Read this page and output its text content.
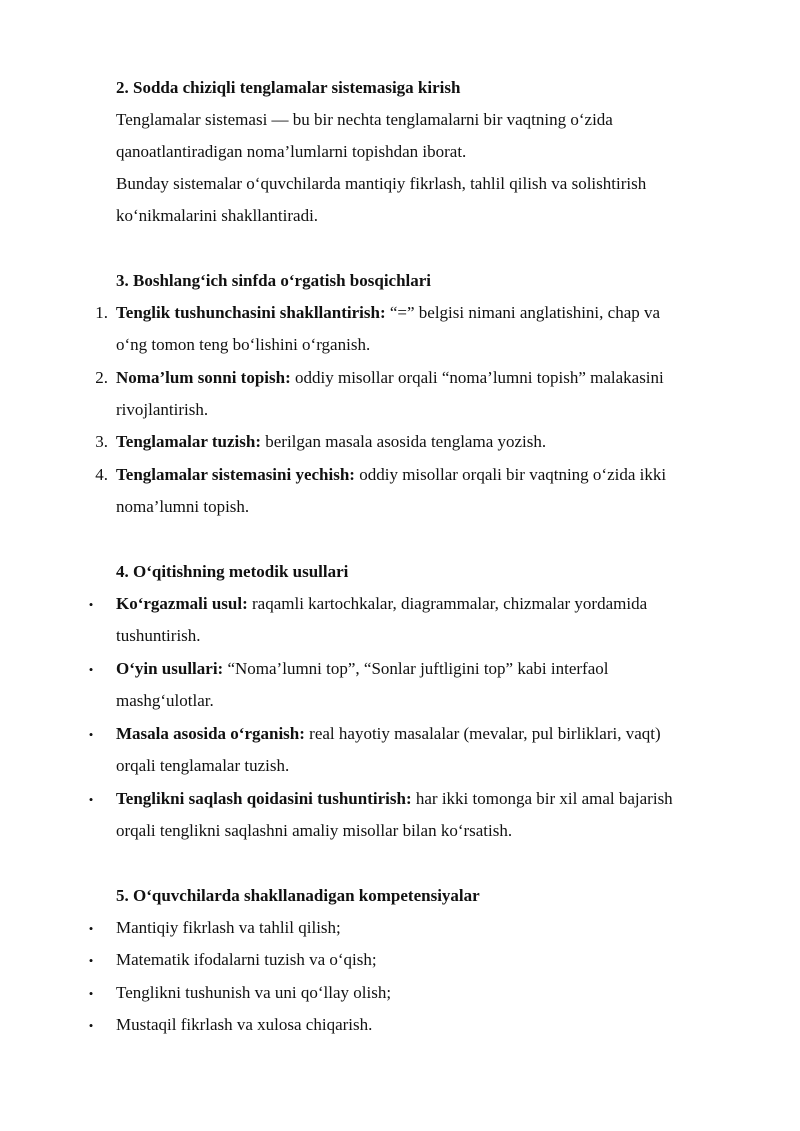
2. Sodda chiziqli tenglamalar sistemasiga kirish
Tenglamalar sistemasi — bu bir nechta tenglamalarni bir vaqtning o‘zida
qanoatlantiradigan noma’lumlarni topishdan iborat.
Bunday sistemalar o‘quvchilarda mantiqiy fikrlash, tahlil qilish va solishtirish
ko‘nikmalarini shakllantiradi.
3. Boshlang‘ich sinfda o‘rgatish bosqichlari
1. Tenglik tushunchasini shakllantirish: “=” belgisi nimani anglatishini, chap va
o‘ng tomon teng bo‘lishini o‘rganish.
2. Noma’lum sonni topish: oddiy misollar orqali “noma’lumni topish” malakasini
rivojlantirish.
3. Tenglamalar tuzish: berilgan masala asosida tenglama yozish.
4. Tenglamalar sistemasini yechish: oddiy misollar orqali bir vaqtning o‘zida ikki
noma’lumni topish.
4. O‘qitishning metodik usullari
• Ko‘rgazmali usul: raqamli kartochkalar, diagrammalar, chizmalar yordamida
tushuntirish.
• O‘yin usullari: “Noma’lumni top”, “Sonlar juftligini top” kabi interfaol
mashg‘ulotlar.
• Masala asosida o‘rganish: real hayotiy masalalar (mevalar, pul birliklari, vaqt)
orqali tenglamalar tuzish.
• Tenglikni saqlash qoidasini tushuntirish: har ikki tomonga bir xil amal bajarish
orqali tenglikni saqlashni amaliy misollar bilan ko‘rsatish.
5. O‘quvchilarda shakllanadigan kompetensiyalar
• Mantiqiy fikrlash va tahlil qilish;
• Matematik ifodalarni tuzish va o‘qish;
• Tenglikni tushunish va uni qo‘llay olish;
• Mustaqil fikrlash va xulosa chiqarish.
